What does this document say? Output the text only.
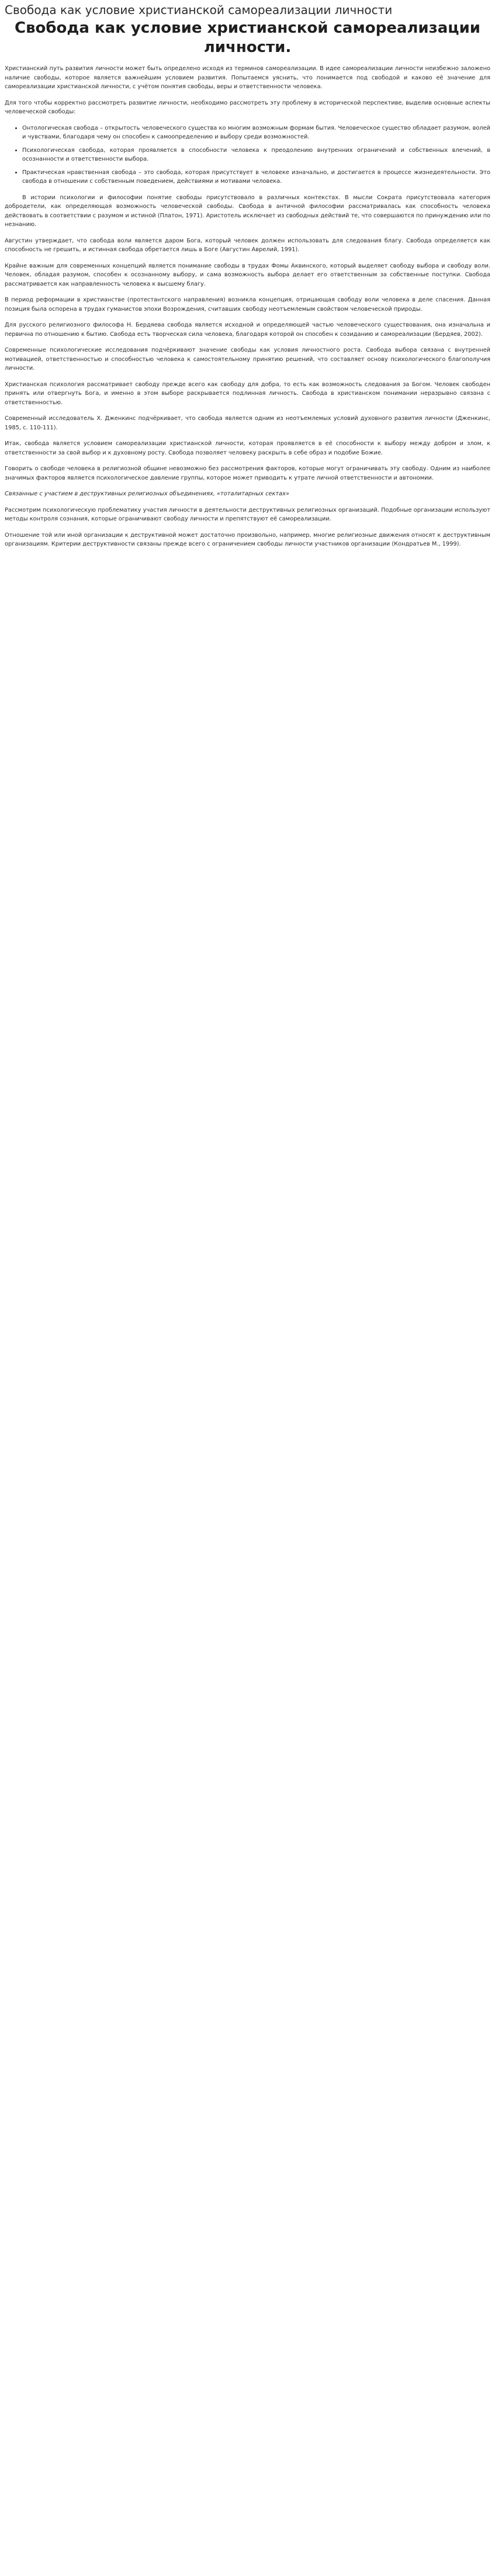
Свобода как условие христианской самореализации личности
Свобода как условие христианской самореализации личности.

Христианский путь развития личности может быть определено исходя из терминов самореализации. В идее самореализации личности неизбежно заложено наличие свободы, которое является важнейшим условием развития. Попытаемся уяснить, что понимается под свободой и каково её значение для самореализации христианской личности, с учётом понятия свободы, веры и ответственности человека.

Для того чтобы корректно рассмотреть развитие личности, необходимо рассмотреть эту проблему в исторической перспективе, выделив основные аспекты человеческой свободы:

• Онтологическая свобода – открытость человеческого существа ко многим возможным формам бытия. Человеческое существо обладает разумом, волей и чувствами, благодаря чему он способен к самоопределению и выбору среди возможностей.
• Психологическая свобода, которая проявляется в способности человека к преодолению внутренних ограничений и собственных влечений, в осознанности и ответственности выбора.
• Практическая нравственная свобода – это свобода, которая присутствует в человеке изначально, и достигается в процессе жизнедеятельности. Это свобода в отношении с собственным поведением, действиями и мотивами человека.

В истории психологии и философии понятие свободы присутствовало в различных контекстах. В мысли Сократа присутствовала категория добродетели, как определяющая возможность человеческой свободы. Свобода в античной философии рассматривалась как способность человека действовать в соответствии с разумом и истиной (Платон, 1971). Аристотель исключает из свободных действий те, что совершаются по принуждению или по незнанию.

Августин утверждает, что свобода воли является даром Бога, который человек должен использовать для следования благу. Свобода определяется как способность не грешить, и истинная свобода обретается лишь в Боге (Августин Аврелий, 1991).

Крайне важным для современных концепций является понимание свободы в трудах Фомы Аквинского, который выделяет свободу выбора и свободу воли. Человек, обладая разумом, способен к осознанному выбору, и сама возможность выбора делает его ответственным за собственные поступки. Свобода рассматривается как направленность человека к высшему благу.

В период реформации в христианстве (протестантского направления) возникла концепция, отрицающая свободу воли человека в деле спасения. Данная позиция была оспорена в трудах гуманистов эпохи Возрождения, считавших свободу неотъемлемым свойством человеческой природы.

Для русского религиозного философа Н. Бердяева свобода является исходной и определяющей частью человеческого существования, она изначальна и первична по отношению к бытию. Свобода есть творческая сила человека, благодаря которой он способен к созиданию и самореализации (Бердяев, 2002).

Современные психологические исследования подчёркивают значение свободы как условия личностного роста. Свобода выбора связана с внутренней мотивацией, ответственностью и способностью человека к самостоятельному принятию решений, что составляет основу психологического благополучия личности.

Христианская психология рассматривает свободу прежде всего как свободу для добра, то есть как возможность следования за Богом. Человек свободен принять или отвергнуть Бога, и именно в этом выборе раскрывается подлинная личность. Свобода в христианском понимании неразрывно связана с ответственностью.

Современный исследователь Х. Дженкинс подчёркивает, что свобода является одним из неотъемлемых условий духовного развития личности (Дженкинс, 1985, с. 110-111).

Итак, свобода является условием самореализации христианской личности, которая проявляется в её способности к выбору между добром и злом, к ответственности за свой выбор и к духовному росту. Свобода позволяет человеку раскрыть в себе образ и подобие Божие.

Говорить о свободе человека в религиозной общине невозможно без рассмотрения факторов, которые могут ограничивать эту свободу. Одним из наиболее значимых факторов является психологическое давление группы, которое может приводить к утрате личной ответственности и автономии.

Связанные с участием в деструктивных религиозных объединениях, «тоталитарных сектах»

Рассмотрим психологическую проблематику участия личности в деятельности деструктивных религиозных организаций. Подобные организации используют методы контроля сознания, которые ограничивают свободу личности и препятствуют её самореализации.

Отношение той или иной организации к деструктивной может достаточно произвольно, например, многие религиозные движения относят к деструктивным организациям. Критерии деструктивности связаны прежде всего с ограничением свободы личности участников организации (Кондратьев М., 1999).
